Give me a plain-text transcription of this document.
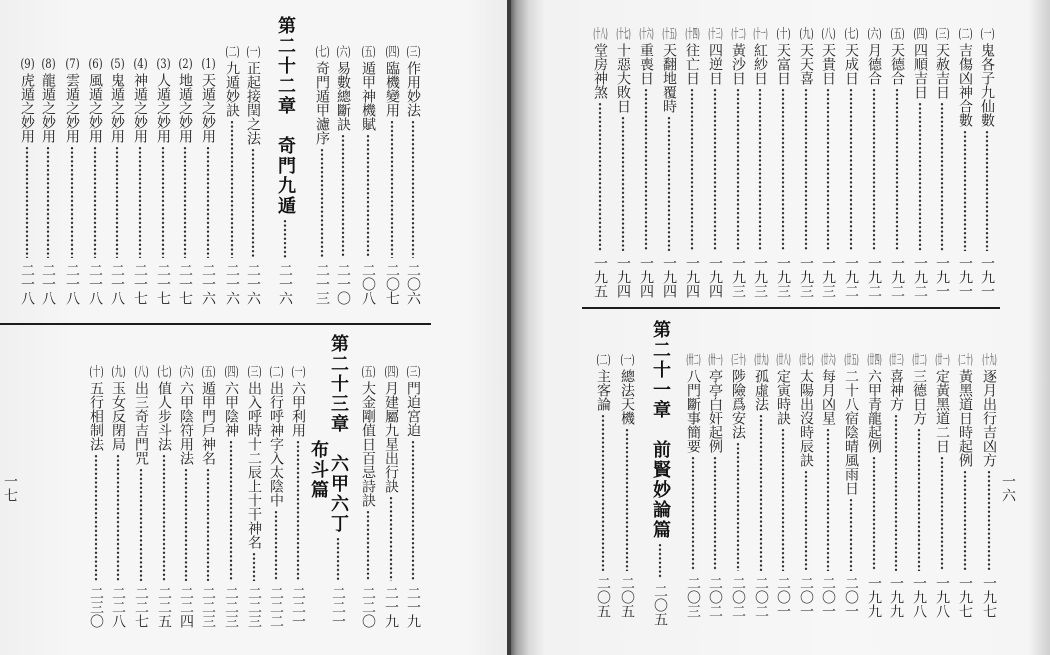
一七	一六
(一)
鬼各子九仙數
一九一
(二)
吉傷凶神合數
一九一
(三)
天赦吉日
一九一
(四)
四順吉日
一九二
(五)
天德合
一九二
(六)
月德合
一九二
(七)
天成日
一九二
(八)
天貴日
一九三
(九)
天天喜
一九三
(十)
天富日
一九三
(十一)
紅紗日
一九三
(十二)
黃沙日
一九三
(十三)
四逆日
一九四
(十四)
往亡日
一九四
(十五)
天翻地覆時
一九四
(十六)
重喪日
一九四
(十七)
十惡大敗日
一九四
(十八)
堂房神煞
一九五
(十九)
逐月出行吉凶方
一九七
(二十)
黃黑道日時起例
一九七
(廿一)
定黃黑道二日
一九八
(廿二)
三德日方
一九八
(廿三)
喜神方
一九九
(廿四)
六甲青龍起例
一九九
(廿五)
二十八宿陰晴風雨日
二〇一
(廿六)
每月凶星
二〇一
(廿七)
太陽出沒時辰訣
二〇一
(廿八)
定寅時訣
二〇一
(廿九)
孤虛法
二〇二
(三十)
陟險爲安法
二〇二
(卅一)
亭亭白奸起例
二〇二
(卅二)
八門斷事簡要
二〇三
第二十一章
前賢妙論篇
二〇五
(一)
總法天機
二〇五
(二)
主客論
二〇五
(三)
作用妙法
二〇六
(四)
臨機變用
二〇七
(五)
遁甲神機賦
二〇八
(六)
易數總斷訣
二一〇
(七)
奇門遁甲濾序
二一三
第二十二章
奇門九遁
二一六
(一)
正起接閏之法
二一六
(二)
九遁妙訣
二一六
(1)
天遁之妙用
二一六
(2)
地遁之妙用
二一七
(3)
人遁之妙用
二一七
(4)
神遁之妙用
二一七
(5)
鬼遁之妙用
二一八
(6)
風遁之妙用
二一八
(7)
雲遁之妙用
二一八
(8)
龍遁之妙用
二一八
(9)
虎遁之妙用
二一八
(三)
門迫宮迫
二一九
(四)
月建屬九星出行訣
二一九
(五)
大金剛值日百忌詩訣
二二〇
第二十三章
六甲六丁
二二一
布斗篇
(一)
六甲利用
二二一
(二)
出行呼神字入太陰中
二二二
(三)
出入呼時十二辰上十干神名
二二三
(四)
六甲陰神
二二三
(五)
遁甲門戶神名
二二三
(六)
六甲陰符用法
二二四
(七)
值人步斗法
二二五
(八)
出三奇吉門咒
二二七
(九)
玉女反閉局
二二八
(十)
五行相制法
二三〇
